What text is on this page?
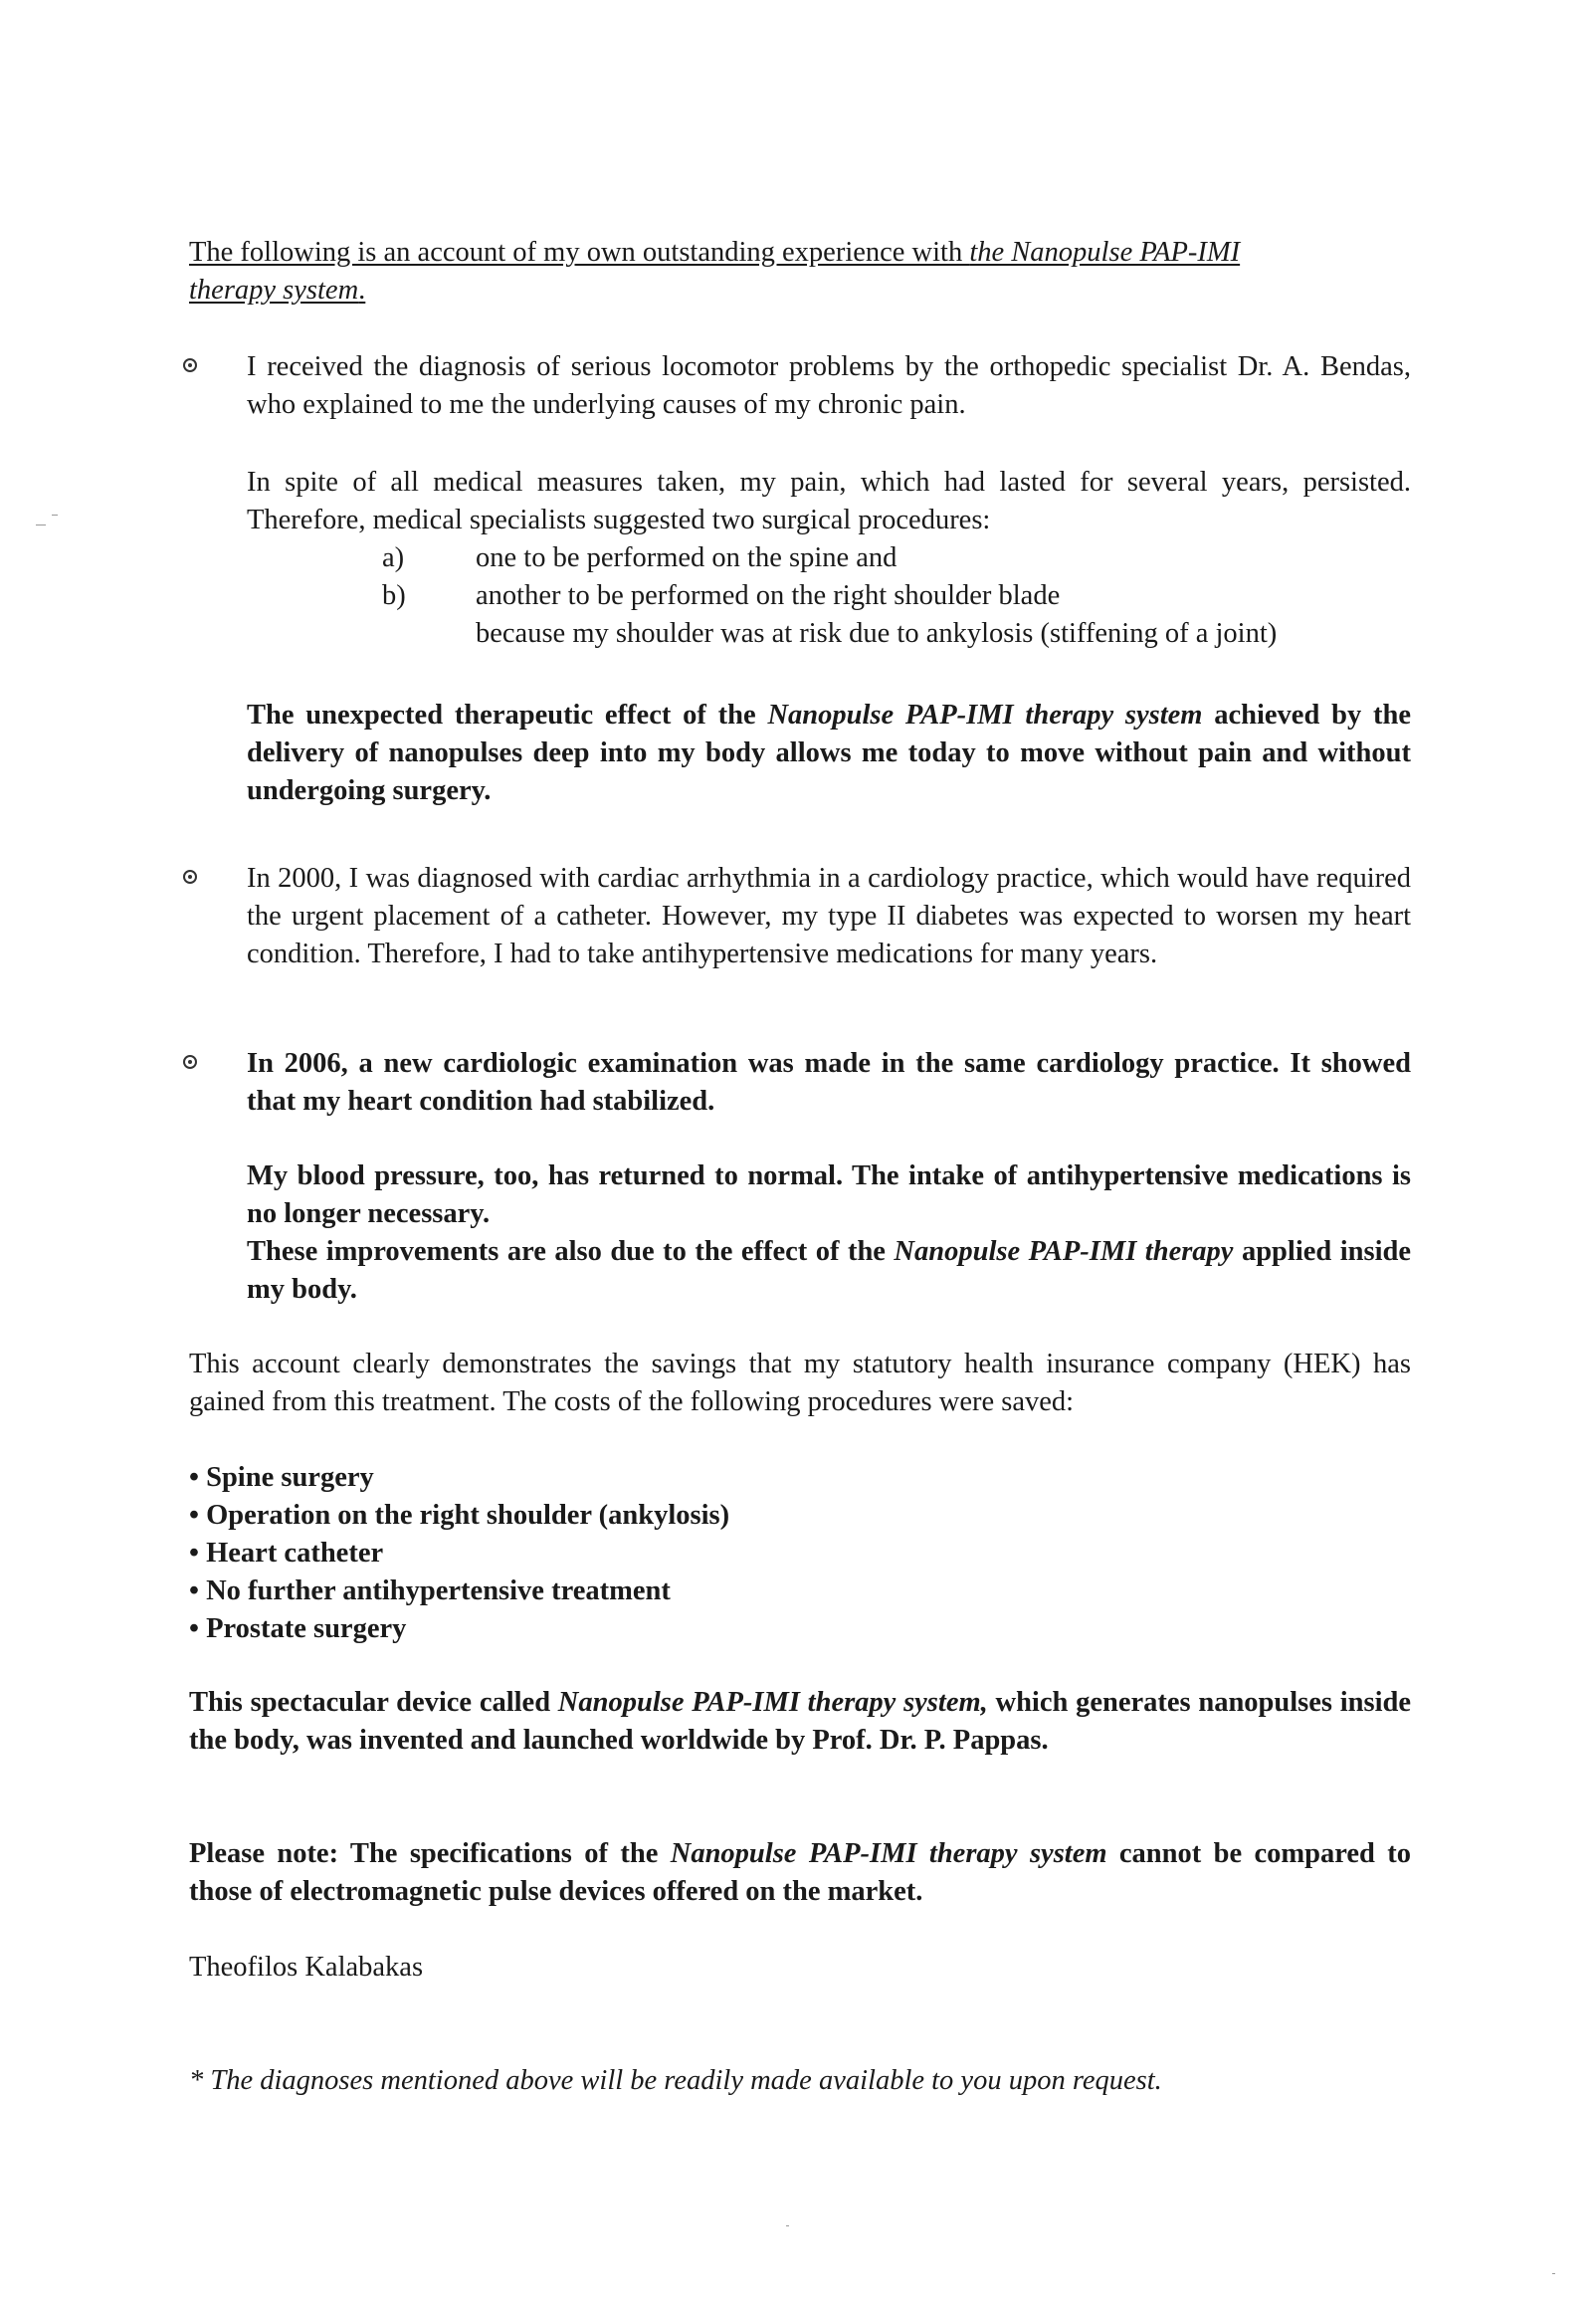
The following is an account of my own outstanding experience with the Nanopulse PAP-IMI
therapy system.

I received the diagnosis of serious locomotor problems by the orthopedic specialist Dr. A. Bendas, who explained to me the underlying causes of my chronic pain.

In spite of all medical measures taken, my pain, which had lasted for several years, persisted. Therefore, medical specialists suggested two surgical procedures:

a)	one to be performed on the spine and
b) another to be performed on the right shoulder blade
because my shoulder was at risk due to ankylosis (stiffening of a joint)

The unexpected therapeutic effect of the Nanopulse PAP-IMI therapy system achieved by the delivery of nanopulses deep into my body allows me today to move without pain and without undergoing surgery.

In 2000, I was diagnosed with cardiac arrhythmia in a cardiology practice, which would have required the urgent placement of a catheter. However, my type II diabetes was expected to worsen my heart condition. Therefore, I had to take antihypertensive medications for many years.

In 2006, a new cardiologic examination was made in the same cardiology practice. It showed that my heart condition had stabilized.

My blood pressure, too, has returned to normal. The intake of antihypertensive medications is no longer necessary.

These improvements are also due to the effect of the Nanopulse PAP-IMI therapy applied inside my body.

This account clearly demonstrates the savings that my statutory health insurance company (HEK) has gained from this treatment. The costs of the following procedures were saved:

• Spine surgery
• Operation on the right shoulder (ankylosis)
• Heart catheter
• No further antihypertensive treatment
• Prostate surgery

This spectacular device called Nanopulse PAP-IMI therapy system, which generates nanopulses inside the body, was invented and launched worldwide by Prof. Dr. P. Pappas.

Please note: The specifications of the Nanopulse PAP-IMI therapy system cannot be compared to those of electromagnetic pulse devices offered on the market.

Theofilos Kalabakas

* The diagnoses mentioned above will be readily made available to you upon request.
